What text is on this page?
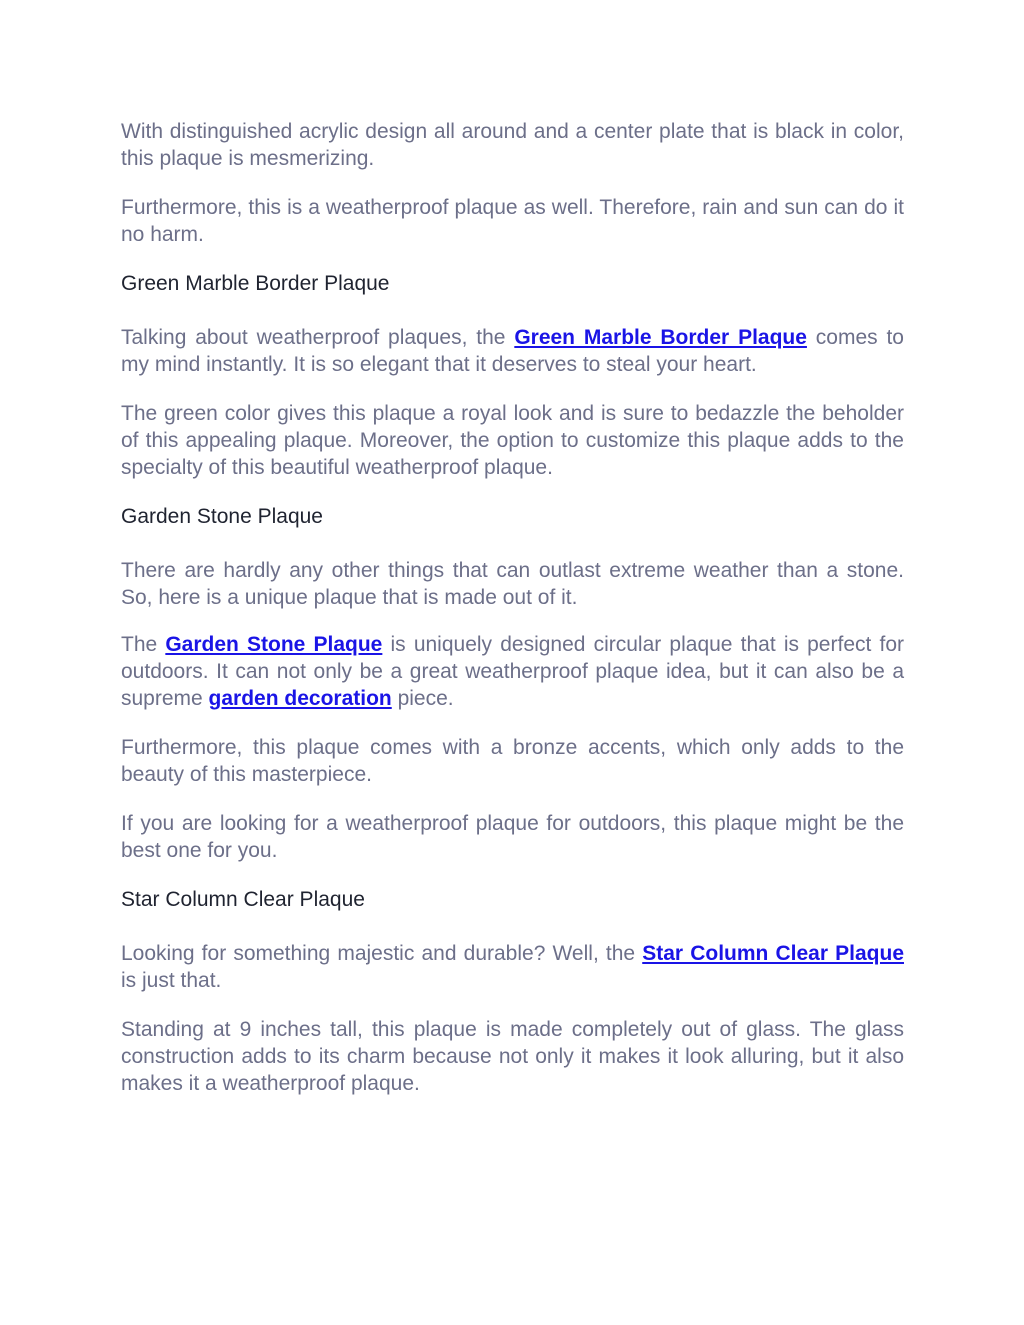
With distinguished acrylic design all around and a center plate that is black in color, this plaque is mesmerizing.

Furthermore, this is a weatherproof plaque as well. Therefore, rain and sun can do it no harm.

Green Marble Border Plaque

Talking about weatherproof plaques, the Green Marble Border Plaque comes to my mind instantly. It is so elegant that it deserves to steal your heart.

The green color gives this plaque a royal look and is sure to bedazzle the beholder of this appealing plaque. Moreover, the option to customize this plaque adds to the specialty of this beautiful weatherproof plaque.

Garden Stone Plaque

There are hardly any other things that can outlast extreme weather than a stone. So, here is a unique plaque that is made out of it.

The Garden Stone Plaque is uniquely designed circular plaque that is perfect for outdoors. It can not only be a great weatherproof plaque idea, but it can also be a supreme garden decoration piece.

Furthermore, this plaque comes with a bronze accents, which only adds to the beauty of this masterpiece.

If you are looking for a weatherproof plaque for outdoors, this plaque might be the best one for you.

Star Column Clear Plaque

Looking for something majestic and durable? Well, the Star Column Clear Plaque is just that.

Standing at 9 inches tall, this plaque is made completely out of glass. The glass construction adds to its charm because not only it makes it look alluring, but it also makes it a weatherproof plaque.
